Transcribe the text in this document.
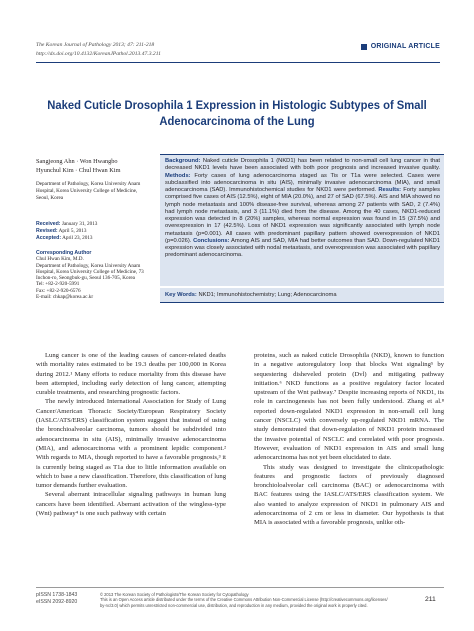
The Korean Journal of Pathology 2013; 47: 211-218
http://dx.doi.org/10.4132/KoreanJPathol.2013.47.3.211
ORIGINAL ARTICLE
Naked Cuticle Drosophila 1 Expression in Histologic Subtypes of Small
Adenocarcinoma of the Lung
Sangjeong Ahn · Won Hwangbo
Hyunchul Kim · Chul Hwan Kim
Department of Pathology, Korea University Anam
Hospital, Korea University College of Medicine,
Seoul, Korea
Received: January 31, 2013
Revised: April 5, 2013
Accepted: April 23, 2013
Corresponding Author
Chul Hwan Kim, M.D.
Department of Pathology, Korea University Anam
Hospital, Korea University College of Medicine, 73
Inchon-ro, Seongbuk-gu, Seoul 136-705, Korea
Tel: +82-2-920-5991
Fax: +82-2-920-6576
E-mail: chkap@korea.ac.kr
Background: Naked cuticle Drosophila 1 (NKD1) has been related to non-small cell lung cancer in that decreased NKD1 levels have been associated with both poor prognosis and increased invasive quality. Methods: Forty cases of lung adenocarcinoma staged as Tis or T1a were selected. Cases were subclassified into adenocarcinoma in situ (AIS), minimally invasive adenocarcinoma (MIA), and small adenocarcinoma (SAD). Immunohistochemical studies for NKD1 were performed. Results: Forty samples comprised five cases of AIS (12.5%), eight of MIA (20.0%), and 27 of SAD (67.5%). AIS and MIA showed no lymph node metastasis and 100% disease-free survival, whereas among 27 patients with SAD, 2 (7.4%) had lymph node metastasis, and 3 (11.1%) died from the disease. Among the 40 cases, NKD1-reduced expression was detected in 8 (20%) samples, whereas normal expression was found in 15 (37.5%) and overexpression in 17 (42.5%). Loss of NKD1 expression was significantly associated with lymph node metastasis (p=0.001). All cases with predominant papillary pattern showed overexpression of NKD1 (p=0.026). Conclusions: Among AIS and SAD, MIA had better outcomes than SAD. Down-regulated NKD1 expression was closely associated with nodal metastasis, and overexpression was associated with papillary predominant adenocarcinoma.
Key Words: NKD1; Immunohistochemistry; Lung; Adenocarcinoma

Lung cancer is one of the leading causes of cancer-related deaths with mortality rates estimated to be 19.3 deaths per 100,000 in Korea during 2012.¹ Many efforts to reduce mortality from this disease have been attempted, including early detection of lung cancer, attempting curable treatments, and researching prognostic factors.

The newly introduced International Association for Study of Lung Cancer/American Thoracic Society/European Respiratory Society (IASLC/ATS/ERS) classification system suggest that instead of using the bronchioalveolar carcinoma, tumors should be subdivided into adenocarcinoma in situ (AIS), minimally invasive adenocarcinoma (MIA), and adenocarcinoma with a prominent lepidic component.² With regards to MIA, though reported to have a favorable prognosis,³ it is currently being staged as T1a due to little information available on which to base a new classification. Therefore, this classification of lung tumor demands further evaluation.

Several aberrant intracellular signaling pathways in human lung cancers have been identified. Aberrant activation of the wingless-type (Wnt) pathway⁴ is one such pathway with certain

proteins, such as naked cuticle Drosophila (NKD), known to function in a negative autoregulatory loop that blocks Wnt signaling⁵ by sequestering disheveled protein (Dvl) and mitigating pathway initiation.⁶ NKD functions as a positive regulatory factor located upstream of the Wnt pathway.⁷ Despite increasing reports of NKD1, its role in carcinogenesis has not been fully understood. Zhang et al.⁸ reported down-regulated NKD1 expression in non-small cell lung cancer (NSCLC) with conversely up-regulated NKD1 mRNA. The study demonstrated that down-regulation of NKD1 protein increased the invasive potential of NSCLC and correlated with poor prognosis. However, evaluation of NKD1 expression in AIS and small lung adenocarcinoma has not yet been elucidated to date.

This study was designed to investigate the clinicopathologic features and prognostic factors of previously diagnosed bronchioloalveolar cell carcinoma (BAC) or adenocarcinoma with BAC features using the IASLC/ATS/ERS classification system. We also wanted to analyze expression of NKD1 in pulmonary AIS and adenocarcinoma of 2 cm or less in diameter. Our hypothesis is that MIA is associated with a favorable prognosis, unlike oth-

pISSN 1738-1843
eISSN 2092-8920
© 2013 The Korean Society of Pathologists/The Korean Society for Cytopathology
This is an Open Access article distributed under the terms of the Creative Commons Attribution Non-Commercial License (http://creativecommons.org/licenses/
by-nc/3.0) which permits unrestricted non-commercial use, distribution, and reproduction in any medium, provided the original work is properly cited.
211
